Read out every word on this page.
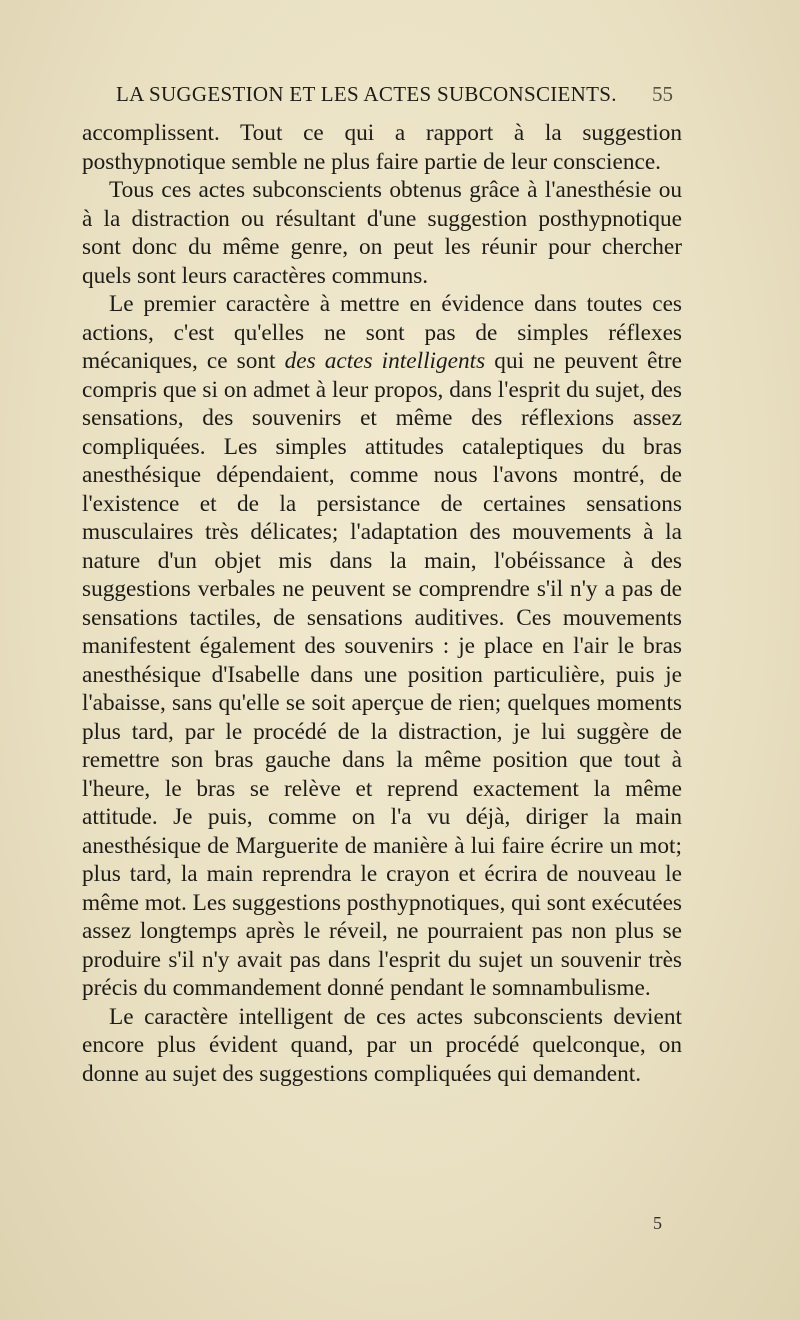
LA SUGGESTION ET LES ACTES SUBCONSCIENTS.	55

accomplissent. Tout ce qui a rapport à la suggestion posthypnotique semble ne plus faire partie de leur conscience.

Tous ces actes subconscients obtenus grâce à l'anesthésie ou à la distraction ou résultant d'une suggestion posthypnotique sont donc du même genre, on peut les réunir pour chercher quels sont leurs caractères communs.

Le premier caractère à mettre en évidence dans toutes ces actions, c'est qu'elles ne sont pas de simples réflexes mécaniques, ce sont des actes intelligents qui ne peuvent être compris que si on admet à leur propos, dans l'esprit du sujet, des sensations, des souvenirs et même des réflexions assez compliquées. Les simples attitudes cataleptiques du bras anesthésique dépendaient, comme nous l'avons montré, de l'existence et de la persistance de certaines sensations musculaires très délicates; l'adaptation des mouvements à la nature d'un objet mis dans la main, l'obéissance à des suggestions verbales ne peuvent se comprendre s'il n'y a pas de sensations tactiles, de sensations auditives. Ces mouvements manifestent également des souvenirs : je place en l'air le bras anesthésique d'Isabelle dans une position particulière, puis je l'abaisse, sans qu'elle se soit aperçue de rien; quelques moments plus tard, par le procédé de la distraction, je lui suggère de remettre son bras gauche dans la même position que tout à l'heure, le bras se relève et reprend exactement la même attitude. Je puis, comme on l'a vu déjà, diriger la main anesthésique de Marguerite de manière à lui faire écrire un mot; plus tard, la main reprendra le crayon et écrira de nouveau le même mot. Les suggestions posthypnotiques, qui sont exécutées assez longtemps après le réveil, ne pourraient pas non plus se produire s'il n'y avait pas dans l'esprit du sujet un souvenir très précis du commandement donné pendant le somnambulisme.

Le caractère intelligent de ces actes subconscients devient encore plus évident quand, par un procédé quelconque, on donne au sujet des suggestions compliquées qui demandent.

5
